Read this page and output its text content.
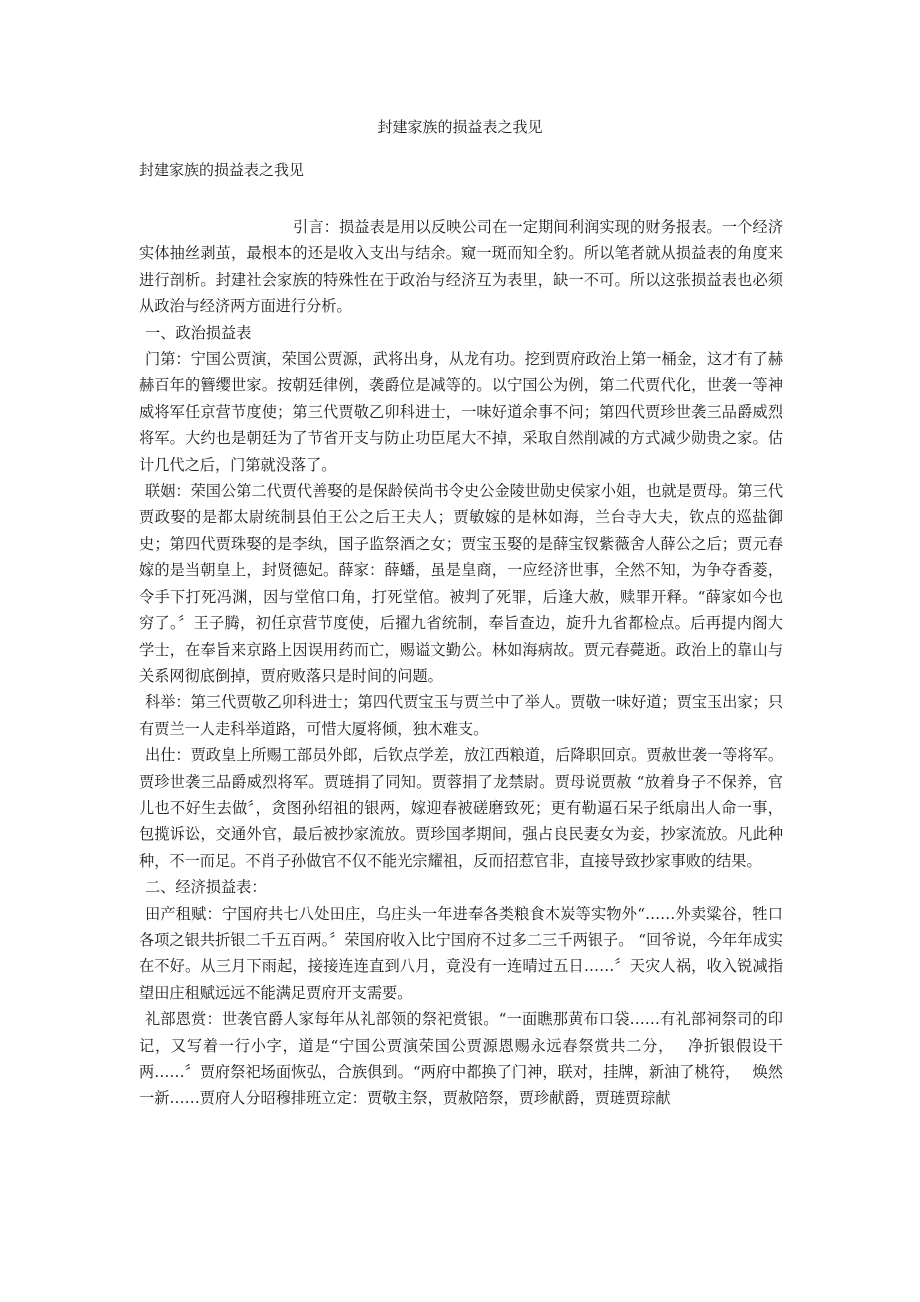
封建家族的损益表之我见
封建家族的损益表之我见

引言：损益表是用以反映公司在一定期间利润实现的财务报表。一个经济实体抽丝剥茧，最根本的还是收入支出与结余。窥一斑而知全豹。所以笔者就从损益表的角度来进行剖析。封建社会家族的特殊性在于政治与经济互为表里，缺一不可。所以这张损益表也必须从政治与经济两方面进行分析。

一、政治损益表

门第：宁国公贾演，荣国公贾源，武将出身，从龙有功。挖到贾府政治上第一桶金，这才有了赫赫百年的簪缨世家。按朝廷律例，袭爵位是减等的。以宁国公为例，第二代贾代化，世袭一等神威将军任京营节度使；第三代贾敬乙卯科进士，一味好道余事不问；第四代贾珍世袭三品爵威烈将军。大约也是朝廷为了节省开支与防止功臣尾大不掉，采取自然削减的方式减少勋贵之家。估计几代之后，门第就没落了。

联姻：荣国公第二代贾代善娶的是保龄侯尚书令史公金陵世勋史侯家小姐，也就是贾母。第三代贾政娶的是都太尉统制县伯王公之后王夫人；贾敏嫁的是林如海，兰台寺大夫，钦点的巡盐御史；第四代贾珠娶的是李纨，国子监祭酒之女；贾宝玉娶的是薛宝钗紫薇舍人薛公之后；贾元春嫁的是当朝皇上，封贤德妃。薛家：薛蟠，虽是皇商，一应经济世事，全然不知，为争夺香菱，令手下打死冯渊，因与堂倌口角，打死堂倌。被判了死罪，后逢大赦，赎罪开释。“薛家如今也穷了。〞王子腾，初任京营节度使，后擢九省统制，奉旨查边，旋升九省都检点。后再提内阁大学士，在奉旨来京路上因误用药而亡，赐谥文勤公。林如海病故。贾元春薨逝。政治上的靠山与关系网彻底倒掉，贾府败落只是时间的问题。

科举：第三代贾敬乙卯科进士；第四代贾宝玉与贾兰中了举人。贾敬一味好道；贾宝玉出家；只有贾兰一人走科举道路，可惜大厦将倾，独木难支。

出仕：贾政皇上所赐工部员外郎，后钦点学差，放江西粮道，后降职回京。贾赦世袭一等将军。贾珍世袭三品爵威烈将军。贾琏捐了同知。贾蓉捐了龙禁尉。贾母说贾赦 “放着身子不保养，官儿也不好生去做〞，贪图孙绍祖的银两，嫁迎春被磋磨致死；更有勒逼石呆子纸扇出人命一事，包揽诉讼，交通外官，最后被抄家流放。贾珍国孝期间，强占良民妻女为妾，抄家流放。凡此种种，不一而足。不肖子孙做官不仅不能光宗耀祖，反而招惹官非，直接导致抄家事败的结果。

二、经济损益表：

田产租赋：宁国府共七八处田庄，乌庄头一年进奉各类粮食木炭等实物外“……外卖粱谷，牲口各项之银共折银二千五百两。〞荣国府收入比宁国府不过多二三千两银子。 “回爷说，今年年成实在不好。从三月下雨起，接接连连直到八月，竟没有一连晴过五日……〞天灾人祸，收入锐减指望田庄租赋远远不能满足贾府开支需要。

礼部恩赏：世袭官爵人家每年从礼部领的祭祀赏银。“一面瞧那黄布口袋……有礼部祠祭司的印记，又写着一行小字，道是“宁国公贾演荣国公贾源恩赐永远春祭赏共二分，　 净折银假设干两……〞贾府祭祀场面恢弘，合族俱到。“两府中都换了门神，联对，挂牌，新油了桃符，　 焕然一新……贾府人分昭穆排班立定：贾敬主祭，贾赦陪祭，贾珍献爵，贾琏贾琮献
